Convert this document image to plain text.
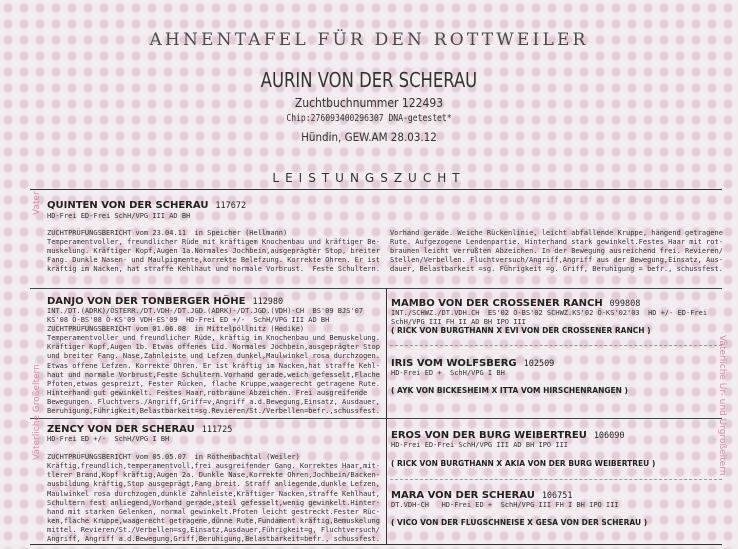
AHNENTAFEL FÜR DEN ROTTWEILER
AURIN VON DER SCHERAU
Zuchtbuchnummer 122493
Chip:276093400296307 DNA-getestet*
Hündin, GEW.AM 28.03.12
LEISTUNGSZUCHT
Vater
Väterliche Großeltern	Väterliche Ur- und Urgroßeltern
QUINTEN VON DER SCHERAU 117672
HD-Frei ED-Frei SchH/VPG III AD BH
ZUCHTPRÜFUNGSBERICHT vom 23.04.11  in Speicher (Hellmann)
Temperamentvoller, freundlicher Rüde mit kräftigem Knochenbau und kräftiger Be-
muskelung. Kräftiger Kopf,Augen 1a.Normales Jochbein,ausgeprägter Stop, breiter
Fang. Dunkle Nasen- und Maulpigmente,korrekte Belefzung. Korrekte Ohren. Er ist
kräftig im Nacken, hat straffe Kehlhaut und normale Vorbrust.  Feste Schultern.
Vorhand gerade. Weiche Rückenlinie, leicht abfallende Kruppe, hängend getragene
Rute. Aufgezogene Lendenpartie. Hinterhand stark gewinkelt.Festes Haar mit rot-
braunen leicht verrußten Abzeichen. In der Bewegung ausreichend frei. Revieren/
Stellen/Verbellen. Fluchtversuch/Angriff,Angriff aus der Bewegung,Einsatz, Aus-
dauer, Belastbarkeit =sg. Führigkeit =g. Griff, Beruhigung = befr., schussfest.
DANJO VON DER TONBERGER HÖHE 112980
INT./DT.(ADRK)/ÖSTERR./DT.VDH-/DT.JGD.(ADRK)-/DT.JGD.(VDH)-CH  BS'09 BJS'07
KS'08 Ö-BS'08 Ö-KS'09 VDH-ES'09  HD-Frei ED +/-  SchH/VPG III AD BH
ZUCHTPRÜFUNGSBERICHT vom 01.06.08  in Mittelpöllnitz (Hedike)
Temperamentvoller und freundlicher Rüde, kräftig im Knochenbau und Bemuskelung.
Kräftiger Kopf,Augen 1b. Etwas offenes Lid. Normales Jochbein,ausgeprägter Stop
und breiter Fang. Nase,Zahnleiste und Lefzen dunkel,Maulwinkel rosa durchzogen.
Etwas offene Lefzen. Korrekte Ohren. Er ist kräftig im Nacken,hat straffe Kehl-
haut und normale Vorbrust,Feste Schultern.Vorhand gerade,weich gefesselt,Flache
Pfoten,etwas gespreizt, Fester Rücken, flache Kruppe,waagerecht getragene Rute.
Hinterhand gut gewinkelt. Festes Haar,rotbraune Abzeichen. Frei ausgreifende
Bewegungen. Fluchtvers./Angriff,Griff=v,Angriff a.d.Bewegung,Einsatz, Ausdauer,
Beruhigung,Führigkeit,Belastbarkeit=sg.Revieren/St./Verbellen=befr.,schussfest.
ZENCY VON DER SCHERAU 111725
HD-Frei ED +/-  SchH/VPG I BH

ZUCHTPRÜFUNGSBERICHT vom 05.05.07  in Röthenbachtal (Weiler)
Kräftig,freundlich,temperamentvoll,frei ausgreifender Gang. Korrektes Haar,mit-
tlerer Brand,Kopf kräftig,Augen 2a. Dunkle Nase,Korrekte Ohren,Jochbein/Backen-
ausbildung kräftig,Stop ausgeprägt,Fang breit. Straff anliegende,dunkle Lefzen,
Maulwinkel rosa durchzogen,dunkle Zahnleiste,Kräftiger Nacken,straffe Kehlhaut,
Schultern fest anliegend,Vorhand gerade,steil gefesselt,wenig gewinkelt.Hinter-
hand mit starken Gelenken, normal gewinkelt.Pfoten leicht gestreckt.Fester Rüc-
ken,flache Kruppe,waagerecht getragene,dünne Rute,Fundament kräftig,Bemuskelung
mittel. Revieren/St./Verbellen=sg,Einsatz,Ausdauer,Führigkeit=g, Fluchtversuch/
Angriff, Angriff a.d.Bewegung,Griff,Beruhigung,Belastbarkeit=befr., schussfest.
MAMBO VON DER CROSSENER RANCH 099808
INT./SCHWZ./DT.VDH.CH  ES'02 Ö-BS'02 SCHWZ.KS'02 Ö-KS'02'03  HD +/- ED-Frei
SchH/VPG III FH II AD BH IPO III
( RICK VON BURGTHANN X EVI VON DER CROSSENER RANCH )
IRIS VOM WOLFSBERG 102509
HD-Frei ED +  SchH/VPG I BH
( AYK VON BICKESHEIM X ITTA VOM HIRSCHENRANGEN )
EROS VON DER BURG WEIBERTREU 106090
HD-Frei ED-Frei SchH/VPG III AD BH IPO III
( RICK VON BURGTHANN X AKIA VON DER BURG WEIBERTREU )
MARA VON DER SCHERAU 106751
DT.VDH-CH   HD-Frei ED +  SchH/VPG III FH I BH IPO III
( VICO VON DER FLUGSCHNEISE X GESA VON DER SCHERAU )
